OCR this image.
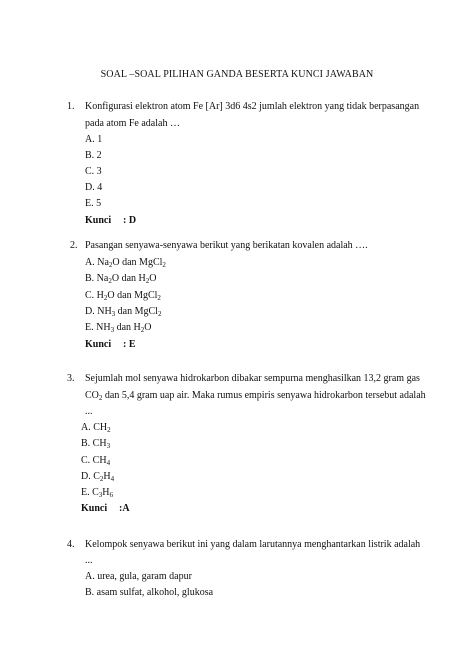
SOAL –SOAL PILIHAN GANDA BESERTA KUNCI JAWABAN
1. Konfigurasi elektron atom Fe [Ar] 3d6 4s2 jumlah elektron yang tidak berpasangan
pada atom Fe adalah …
A. 1
B. 2
C. 3
D. 4
E. 5
Kunci : D
2. Pasangan senyawa-senyawa berikut yang berikatan kovalen adalah ….
A. $Na_2O$ dan MgCl$_2$
B. $Na_2O$ dan $H_2O$
C. $H_2O$ dan MgCl$_2$
D. $NH_3$ dan MgCl$_2$
E. $NH_3$ dan $H_2O$
Kunci : E
3. Sejumlah mol senyawa hidrokarbon dibakar sempurna menghasilkan 13,2 gram gas
$CO_2$ dan 5,4 gram uap air. Maka rumus empiris senyawa hidrokarbon tersebut adalah
...
A. $CH_2$
B. $CH_3$
C. $CH_4$
D. $C_2H_4$
E. $C_3H_6$
Kunci :A
4. Kelompok senyawa berikut ini yang dalam larutannya menghantarkan listrik adalah
...
A. urea, gula, garam dapur
B. asam sulfat, alkohol, glukosa
